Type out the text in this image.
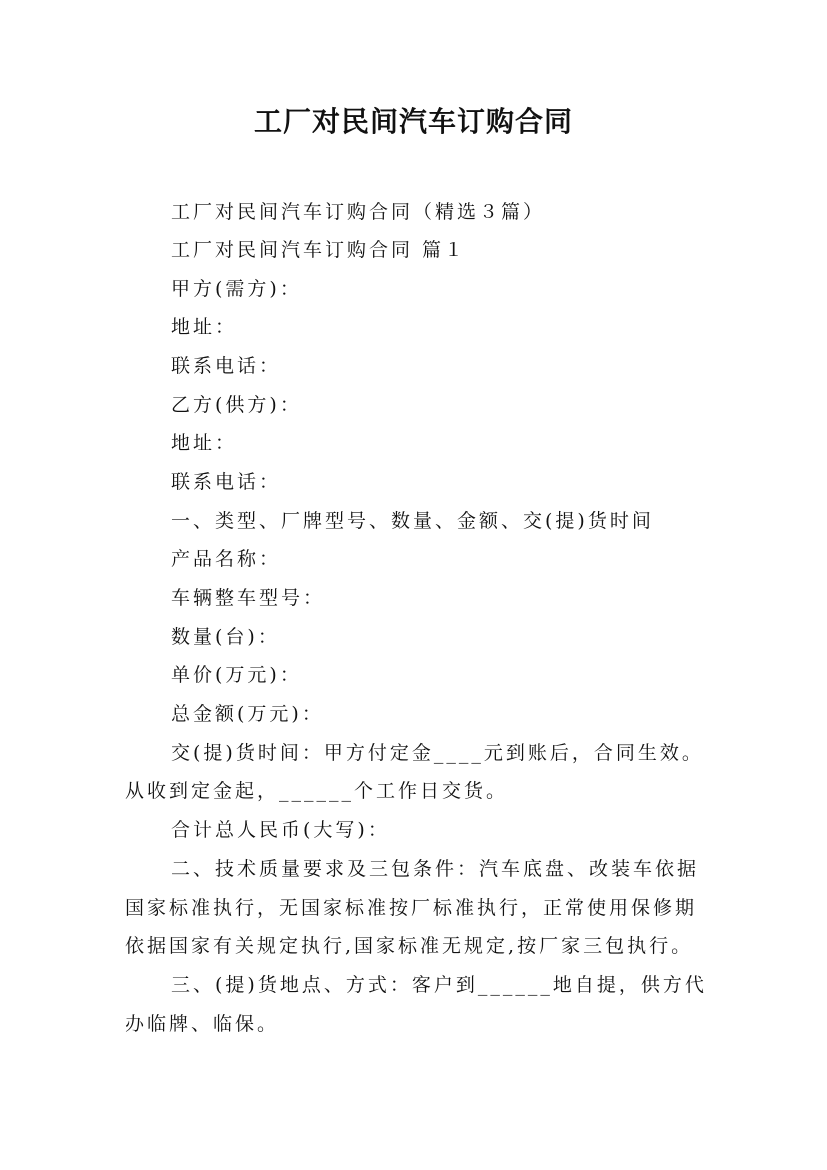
工厂对民间汽车订购合同
工厂对民间汽车订购合同（精选３篇）
工厂对民间汽车订购合同 篇１
甲方(需方)：
地址：
联系电话：
乙方(供方)：
地址：
联系电话：
一、类型、厂牌型号、数量、金额、交(提)货时间
产品名称：
车辆整车型号：
数量(台)：
单价(万元)：
总金额(万元)：
交(提)货时间：甲方付定金____元到账后，合同生效。
从收到定金起，______个工作日交货。
合计总人民币(大写)：
二、技术质量要求及三包条件：汽车底盘、改装车依据
国家标准执行，无国家标准按厂标准执行，正常使用保修期
依据国家有关规定执行,国家标准无规定,按厂家三包执行。
三、(提)货地点、方式：客户到______地自提，供方代
办临牌、临保。
